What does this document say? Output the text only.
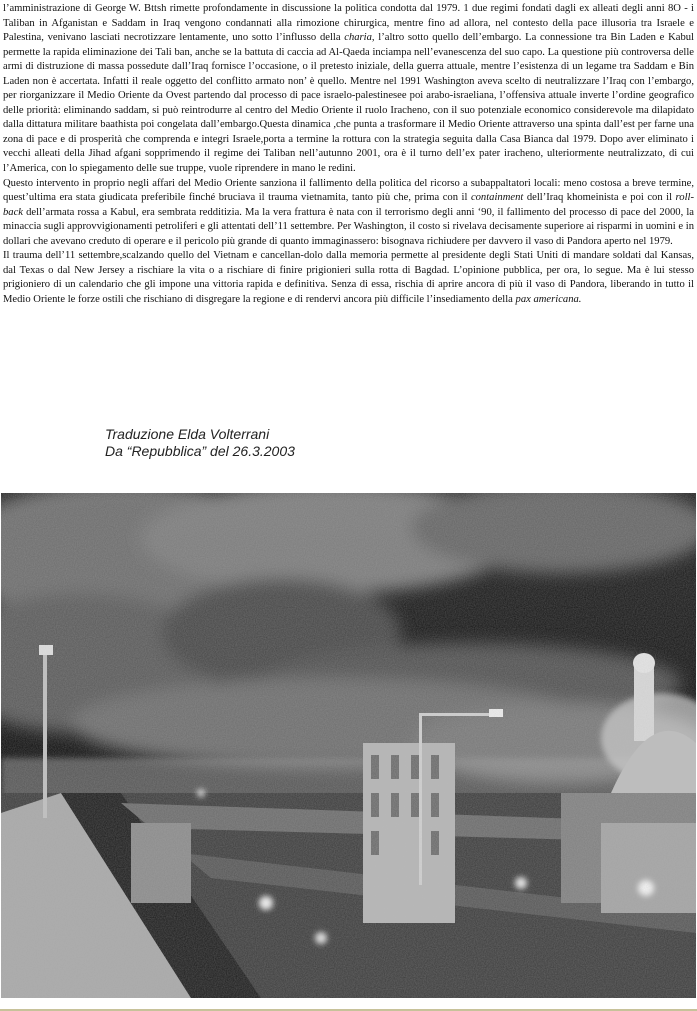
l’amministrazione di George W. Bttsh rimette profondamente in discussione la politica condotta dal 1979. 1 due regimi fondati dagli ex alleati degli anni 8O - i Taliban in Afganistan e Saddam in Iraq vengono condannati alla rimozione chirurgica, mentre fino ad allora, nel contesto della pace illusoria tra Israele e Palestina, venivano lasciati necrotizzare lentamente, uno sotto l’influsso della charia, l’altro sotto quello dell’embargo. La connessione tra Bin Laden e Kabul permette la rapida eliminazione dei Tali ban, anche se la battuta di caccia ad Al-Qaeda inciampa nell’evanescenza del suo capo. La questione più controversa delle armi di distruzione di massa possedute dall’Iraq fornisce l’occasione, o il pretesto iniziale, della guerra attuale, mentre l’esistenza di un legame tra Saddam e Bin Laden non è accertata. Infatti il reale oggetto del conflitto armato non’ è quello. Mentre nel 1991 Washington aveva scelto di neutralizzare l’Iraq con l’embargo, per riorganizzare il Medio Oriente da Ovest partendo dal processo di pace israelo-palestinesee poi arabo-israeliana, l’offensiva attuale inverte l’ordine geografico delle priorità: eliminando saddam, si può reintrodurre al centro del Medio Oriente il ruolo Iracheno, con il suo potenziale economico considerevole ma dilapidato dalla dittatura militare baathista poi congelata dall’embargo.Questa dinamica ,che punta a trasformare il Medio Oriente attraverso una spinta dall’est per farne una zona di pace e di prosperità che comprenda e integri Israele,porta a termine la rottura con la strategia seguita dalla Casa Bianca dal 1979. Dopo aver eliminato i vecchi alleati della Jihad afgani sopprimendo il regime dei Taliban nell’autunno 2001, ora è il turno dell’ex pater iracheno, ulteriormente neutralizzato, di cui l’America, con lo spiegamento delle sue truppe, vuole riprendere in mano le redini.

Questo intervento in proprio negli affari del Medio Oriente sanziona il fallimento della politica del ricorso a subappaltatori locali: meno costosa a breve termine, quest’ultima era stata giudicata preferibile finché bruciava il trauma vietnamita, tanto più che, prima con il containment dell’Iraq khomeinista e poi con il roll-back dell’armata rossa a Kabul, era sembrata redditizia. Ma la vera frattura è nata con il terrorismo degli anni ‘90, il fallimento del processo di pace del 2000, la minaccia sugli approvvigionamenti petroliferi e gli attentati dell’11 settembre. Per Washington, il costo si rivelava decisamente superiore ai risparmi in uomini e in dollari che avevano creduto di operare e il pericolo più grande di quanto immaginassero: bisognava richiudere per davvero il vaso di Pandora aperto nel 1979.

Il trauma dell’11 settembre,scalzando quello del Vietnam e cancellan-dolo dalla memoria permette al presidente degli Stati Uniti di mandare soldati dal Kansas, dal Texas o dal New Jersey a rischiare la vita o a rischiare di finire prigionieri sulla rotta di Bagdad. L’opinione pubblica, per ora, lo segue. Ma è lui stesso prigioniero di un calendario che gli impone una vittoria rapida e definitiva. Senza di essa, rischia di aprire ancora di più il vaso di Pandora, liberando in tutto il Medio Oriente le forze ostili che rischiano di disgregare la regione e di rendervi ancora più difficile l’insediamento della pax americana.

Traduzione Elda Volterrani
Da “Repubblica” del 26.3.2003
